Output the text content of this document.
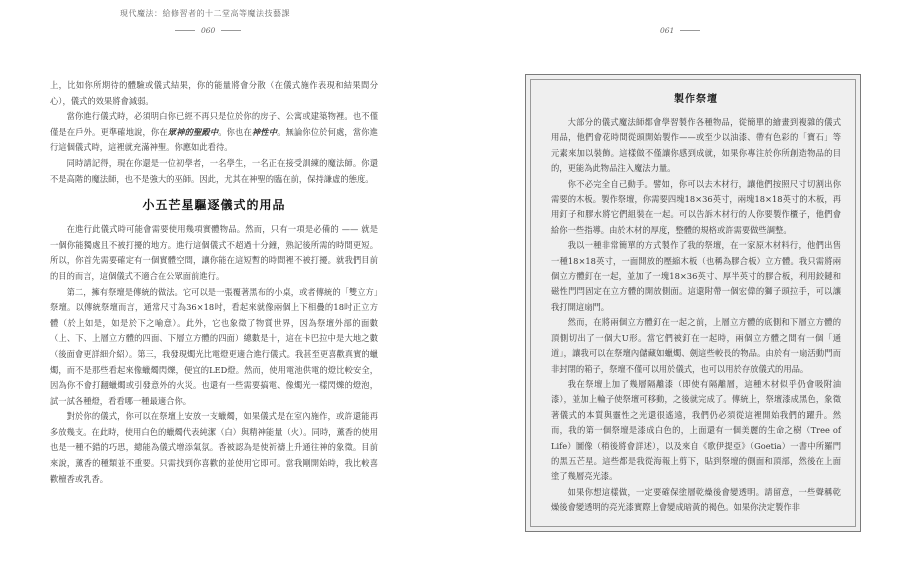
現代魔法：給修習者的十二堂高等魔法技藝課
060

上，比如你所期待的體驗或儀式結果，你的能量將會分散（在儀式施作表現和結果間分心），儀式的效果將會減弱。

當你進行儀式時，必須明白你已經不再只是位於你的房子、公寓或建築物裡。也不僅僅是在戶外。更準確地說，你在眾神的聖殿中。你也在神性中。無論你位於何處，當你進行這個儀式時，這裡就充滿神聖。你應如此看待。

同時請記得，現在你還是一位初學者，一名學生，一名正在接受訓練的魔法師。你還不是高階的魔法師，也不是強大的巫師。因此，尤其在神聖的臨在前，保持謙虛的態度。

小五芒星驅逐儀式的用品

在進行此儀式時可能會需要使用幾項實體物品。然而，只有一項是必備的 —— 就是一個你能獨處且不被打擾的地方。進行這個儀式不超過十分鐘，熟記後所需的時間更短。所以，你首先需要確定有一個實體空間，讓你能在這短暫的時間裡不被打擾。就我們目前的目的而言，這個儀式不適合在公眾面前進行。

第二，擁有祭壇是傳統的做法。它可以是一張覆著黑布的小桌，或者傳統的「雙立方」祭壇。以傳統祭壇而言，通常尺寸為36×18吋，看起來就像兩個上下相疊的18吋正立方體（於上如是，如是於下之喻意）。此外，它也象徵了物質世界，因為祭壇外部的面數（上、下、上層立方體的四面、下層立方體的四面）總數是十，這在卡巴拉中是大地之數（後面會更詳細介紹）。第三，我發現燭光比電燈更適合進行儀式。我甚至更喜歡真實的蠟燭，而不是那些看起來像蠟燭閃爍，便宜的LED燈。然而，使用電池供電的燈比較安全，因為你不會打翻蠟燭或引發意外的火災。也還有一些需要搞電、像燭光一樣閃爍的燈泡，試一試各種燈，看看哪一種最適合你。

對於你的儀式，你可以在祭壇上安放一支蠟燭，如果儀式是在室內施作，或許還能再多放幾支。在此時，使用白色的蠟燭代表純潔（白）與精神能量（火）。同時，薰香的使用也是一種不錯的巧思，總能為儀式增添氣氛。香被認為是使祈禱上升通往神的象徵。目前來說，薰香的種類並不重要。只需找到你喜歡的並使用它即可。當我剛開始時，我比較喜歡檀香或乳香。

061
製作祭壇

大部分的儀式魔法師都會學習製作各種物品，從簡單的繪畫到複雜的儀式用品，他們會花時間從頭開始製作——或至少以油漆、帶有色彩的「寶石」等元素來加以裝飾。這樣做不僅讓你感到成就，如果你專注於你所創造物品的目的，更能為此物品注入魔法力量。

你不必完全自己動手。譬如，你可以去木材行，讓他們按照尺寸切割出你需要的木板。製作祭壇，你需要四塊18×36英寸，兩塊18×18英寸的木板，再用釘子和膠水將它們組裝在一起。可以告訴木材行的人你要製作櫃子，他們會給你一些指導。由於木材的厚度，整體的規格或許需要做些調整。

我以一種非常簡單的方式製作了我的祭壇，在一家原木材料行，他們出售一種18×18英寸，一面開放的壓縮木板（也稱為膠合板）立方體。我只需將兩個立方體釘在一起，並加了一塊18×36英寸、厚半英寸的膠合板，利用鉸鏈和磁性門閂固定在立方體的開放側面。這還附帶一個宏偉的獅子頭拉手，可以讓我打開這扇門。

然而，在將兩個立方體釘在一起之前，上層立方體的底側和下層立方體的頂側切出了一個大U形。當它們被釘在一起時，兩個立方體之間有一個「通道」，讓我可以在祭壇內儲藏如蠟燭、劍這些較長的物品。由於有一扇活動門而非封閉的箱子，祭壇不僅可以用於儀式，也可以用於存放儀式的用品。

我在祭壇上加了幾層隔離漆（即使有隔離層，這種木材似乎仍會吸附油漆），並加上輪子使祭壇可移動，之後就完成了。傳統上，祭壇漆成黑色，象徵著儀式的本質與靈性之光還很遙遠，我們仍必須從這裡開始我們的躍升。然而，我的第一個祭壇是漆成白色的，上面還有一個美麗的生命之樹（Tree of Life）圖像（稍後將會詳述），以及來自《歌伊提亞》（Goetia）一書中所羅門的黑五芒星。這些都是我從海報上剪下，貼到祭壇的側面和頂部，然後在上面塗了幾層亮光漆。

如果你想這樣做，一定要確保塗層乾燥後會變透明。請留意，一些聲稱乾燥後會變透明的亮光漆實際上會變成暗黃的褐色。如果你決定製作非
